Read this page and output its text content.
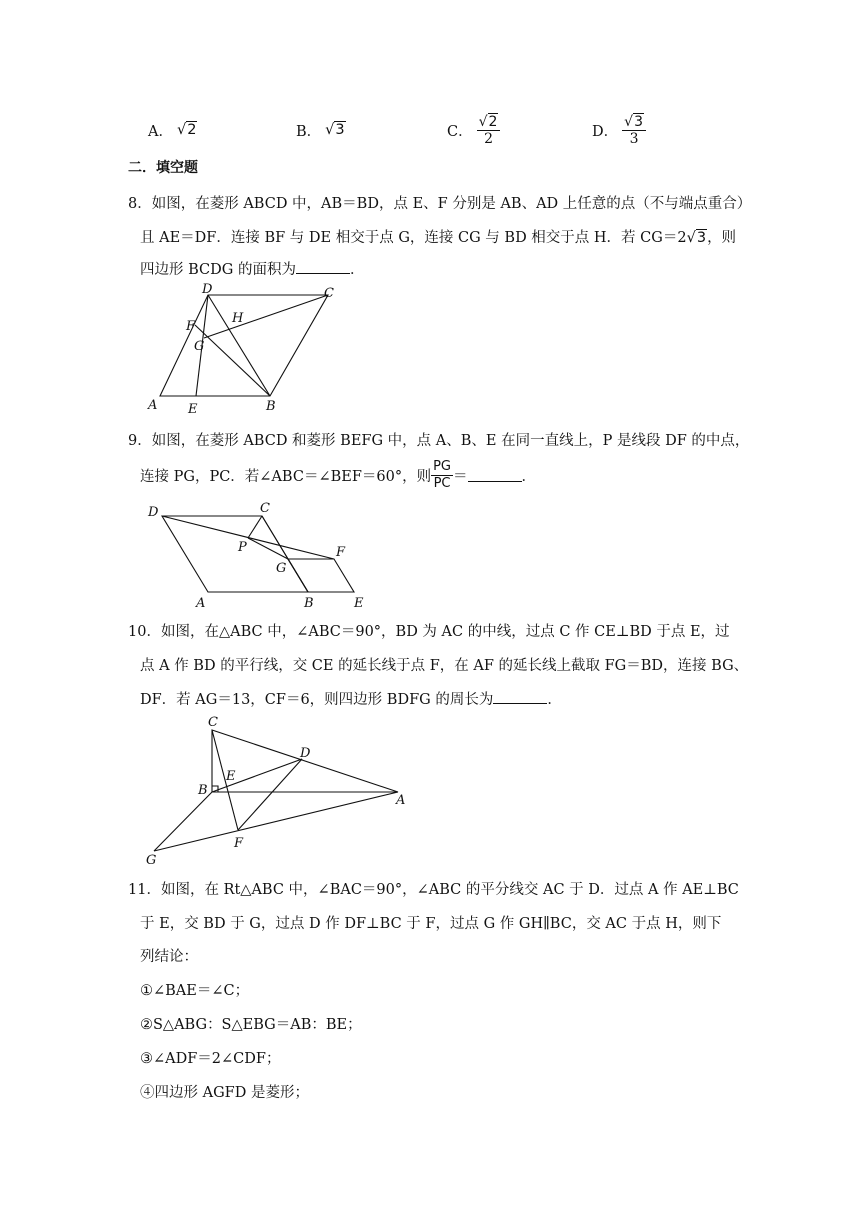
A． √2	B． √3	C． $\frac{√2}{2}$	D． $\frac{√3}{3}$
二．填空题
8．如图，在菱形 ABCD 中，AB＝BD，点 E、F 分别是 AB、AD 上任意的点（不与端点重合）
且 AE＝DF．连接 BF 与 DE 相交于点 G，连接 CG 与 BD 相交于点 H．若 CG＝2√3，则
四边形 BCDG 的面积为	．
D	C
F
H
G
A E	B
9．如图，在菱形 ABCD 和菱形 BEFG 中，点 A、B、E 在同一直线上，P 是线段 DF 的中点，
连接 PG，PC．若∠ABC＝∠BEF＝60°，则 $\frac{PG}{PC}$ ＝	．
D	C
P	F
G
A	B	E
10．如图，在△ABC 中，∠ABC＝90°，BD 为 AC 的中线，过点 C 作 CE⊥BD 于点 E，过
点 A 作 BD 的平行线，交 CE 的延长线于点 F，在 AF 的延长线上截取 FG＝BD，连接 BG、
DF．若 AG＝13，CF＝6，则四边形 BDFG 的周长为	．
C
D
E
B
A
F
G
11．如图，在 Rt△ABC 中，∠BAC＝90°，∠ABC 的平分线交 AC 于 D．过点 A 作 AE⊥BC
于 E，交 BD 于 G，过点 D 作 DF⊥BC 于 F，过点 G 作 GH∥BC，交 AC 于点 H，则下
列结论：
①∠BAE＝∠C；
②S△ABG：S△EBG＝AB：BE；
③∠ADF＝2∠CDF；
④四边形 AGFD 是菱形；
